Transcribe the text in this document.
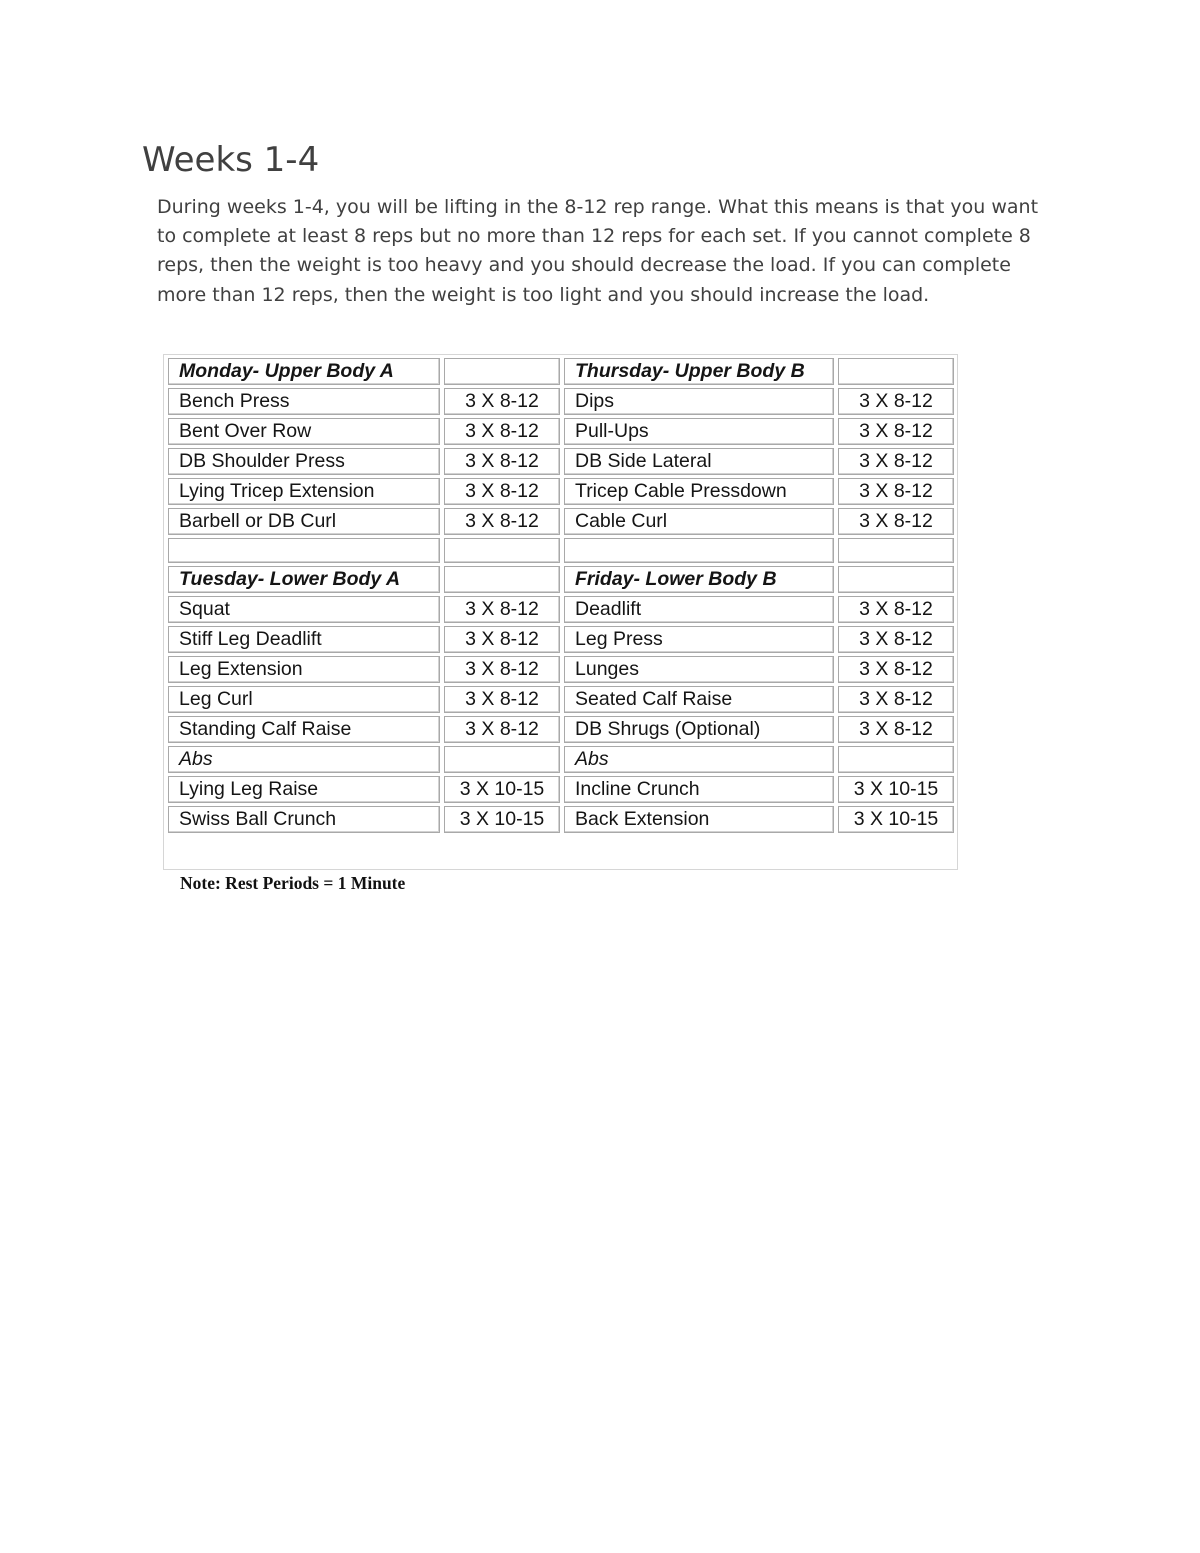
Weeks 1-4

During weeks 1-4, you will be lifting in the 8-12 rep range. What this means is that you want to complete at least 8 reps but no more than 12 reps for each set. If you cannot complete 8 reps, then the weight is too heavy and you should decrease the load. If you can complete more than 12 reps, then the weight is too light and you should increase the load.

Monday- Upper Body A		Thursday- Upper Body B	
Bench Press	3 X 8-12	Dips	3 X 8-12
Bent Over Row	3 X 8-12	Pull-Ups	3 X 8-12
DB Shoulder Press	3 X 8-12	DB Side Lateral	3 X 8-12
Lying Tricep Extension	3 X 8-12	Tricep Cable Pressdown	3 X 8-12
Barbell or DB Curl	3 X 8-12	Cable Curl	3 X 8-12

Tuesday- Lower Body A		Friday- Lower Body B	
Squat	3 X 8-12	Deadlift	3 X 8-12
Stiff Leg Deadlift	3 X 8-12	Leg Press	3 X 8-12
Leg Extension	3 X 8-12	Lunges	3 X 8-12
Leg Curl	3 X 8-12	Seated Calf Raise	3 X 8-12
Standing Calf Raise	3 X 8-12	DB Shrugs (Optional)	3 X 8-12
Abs		Abs	
Lying Leg Raise	3 X 10-15	Incline Crunch	3 X 10-15
Swiss Ball Crunch	3 X 10-15	Back Extension	3 X 10-15

Note: Rest Periods = 1 Minute
